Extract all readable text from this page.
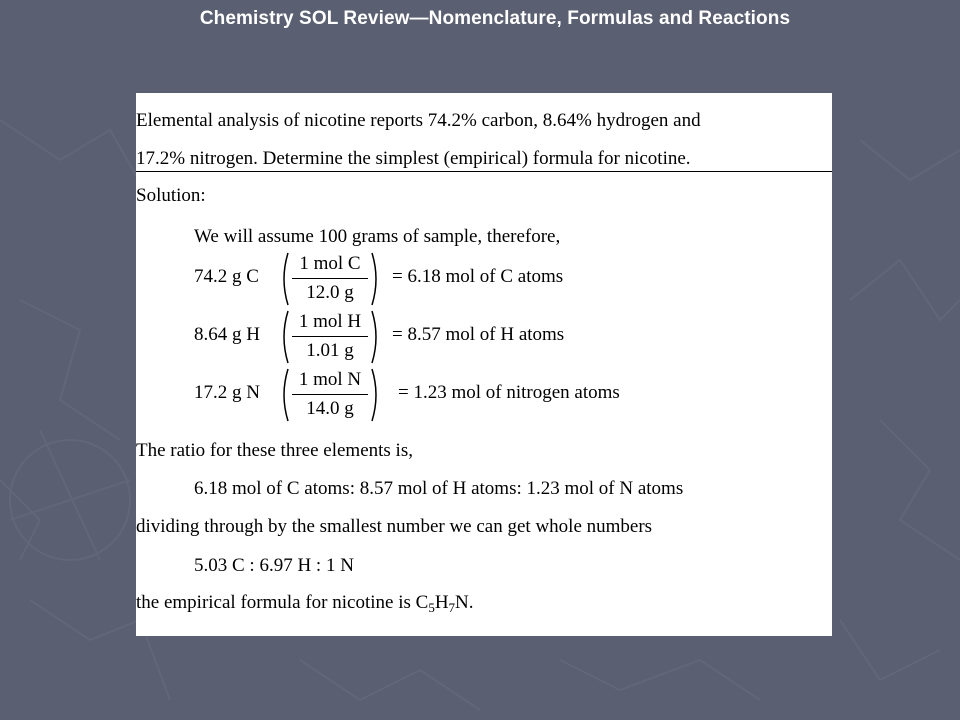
Chemistry SOL Review—Nomenclature, Formulas and Reactions
Elemental analysis of nicotine reports 74.2% carbon, 8.64% hydrogen and
17.2% nitrogen. Determine the simplest (empirical) formula for nicotine.
Solution:
We will assume 100 grams of sample, therefore,
74.2 g C
1 mol C
12.0 g
= 6.18 mol of C atoms
8.64 g H
1 mol H
1.01 g
= 8.57 mol of H atoms
17.2 g N
1 mol N
14.0 g
= 1.23 mol of nitrogen atoms
The ratio for these three elements is,
6.18 mol of C atoms: 8.57 mol of H atoms: 1.23 mol of N atoms
dividing through by the smallest number we can get whole numbers
5.03 C : 6.97 H : 1 N
the empirical formula for nicotine is $C_5H_7N$.
